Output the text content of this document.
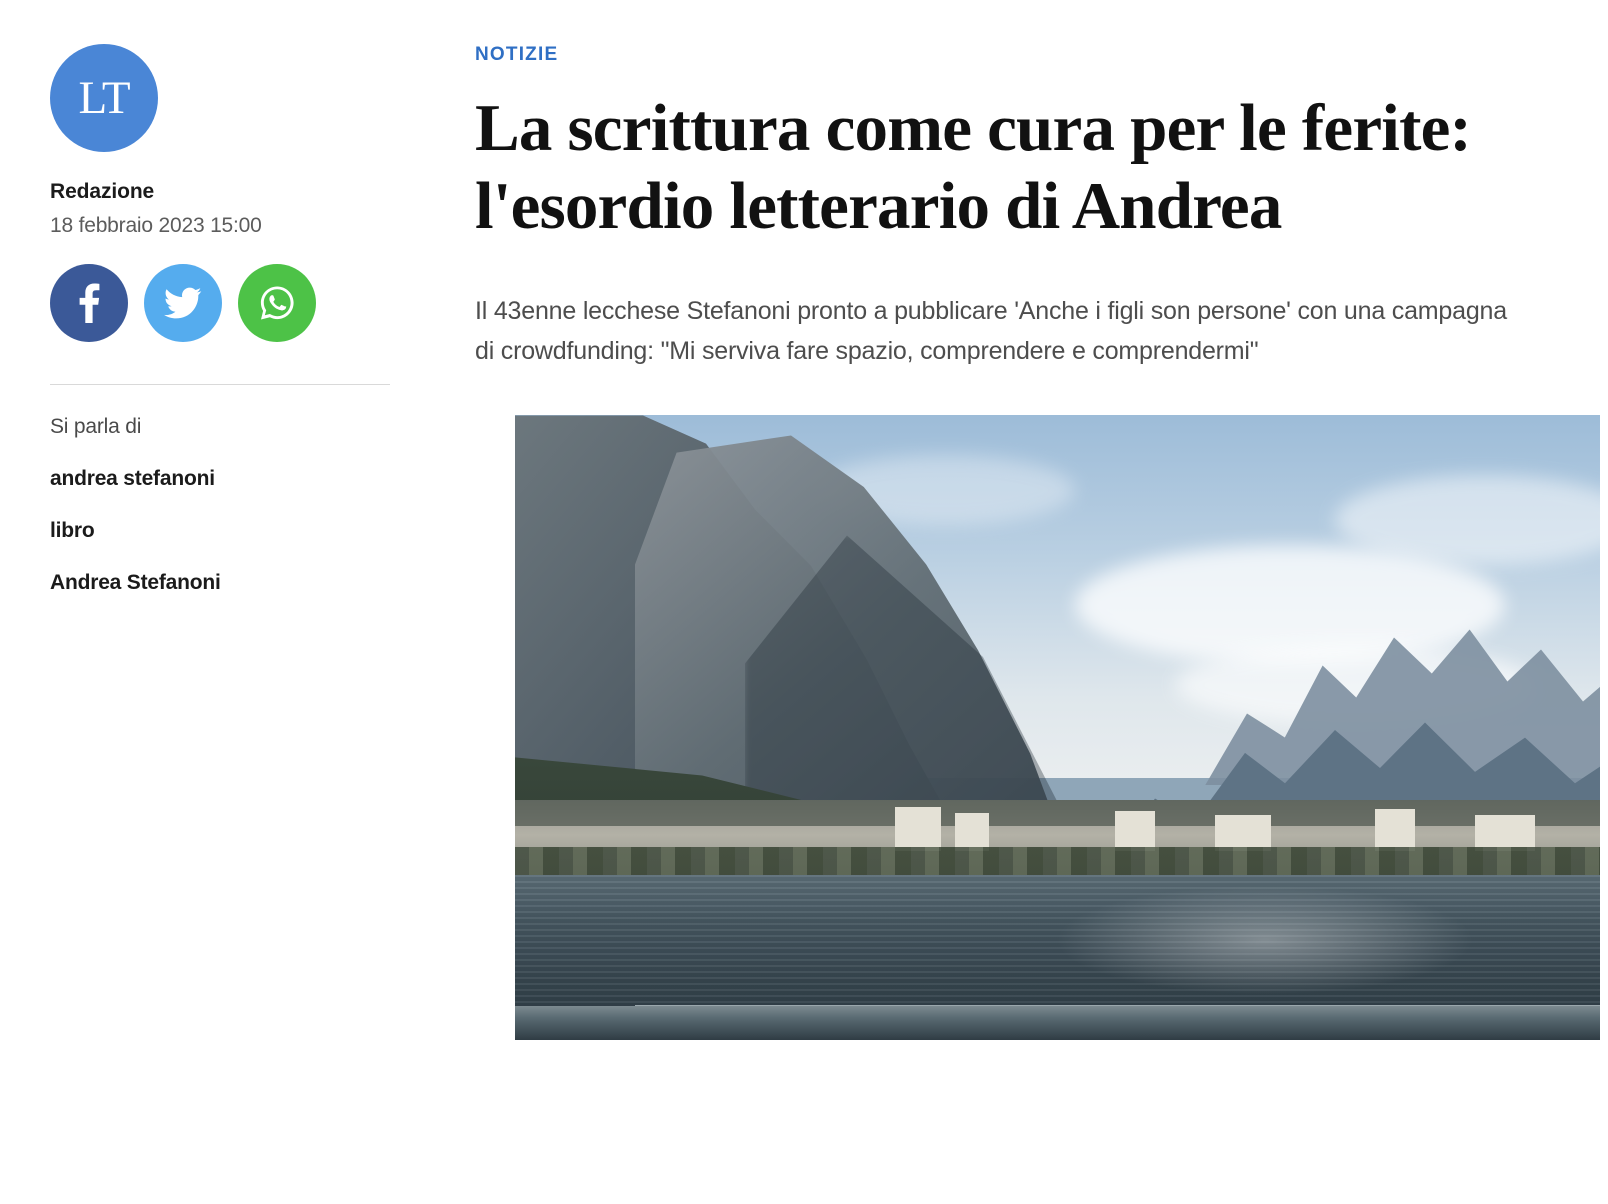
LT
Redazione
18 febbraio 2023 15:00
Si parla di
andrea stefanoni
libro
Andrea Stefanoni
NOTIZIE
La scrittura come cura per le ferite: l'esordio letterario di Andrea

Il 43enne lecchese Stefanoni pronto a pubblicare 'Anche i figli son persone' con una campagna di crowdfunding: "Mi serviva fare spazio, comprendere e comprendermi"
